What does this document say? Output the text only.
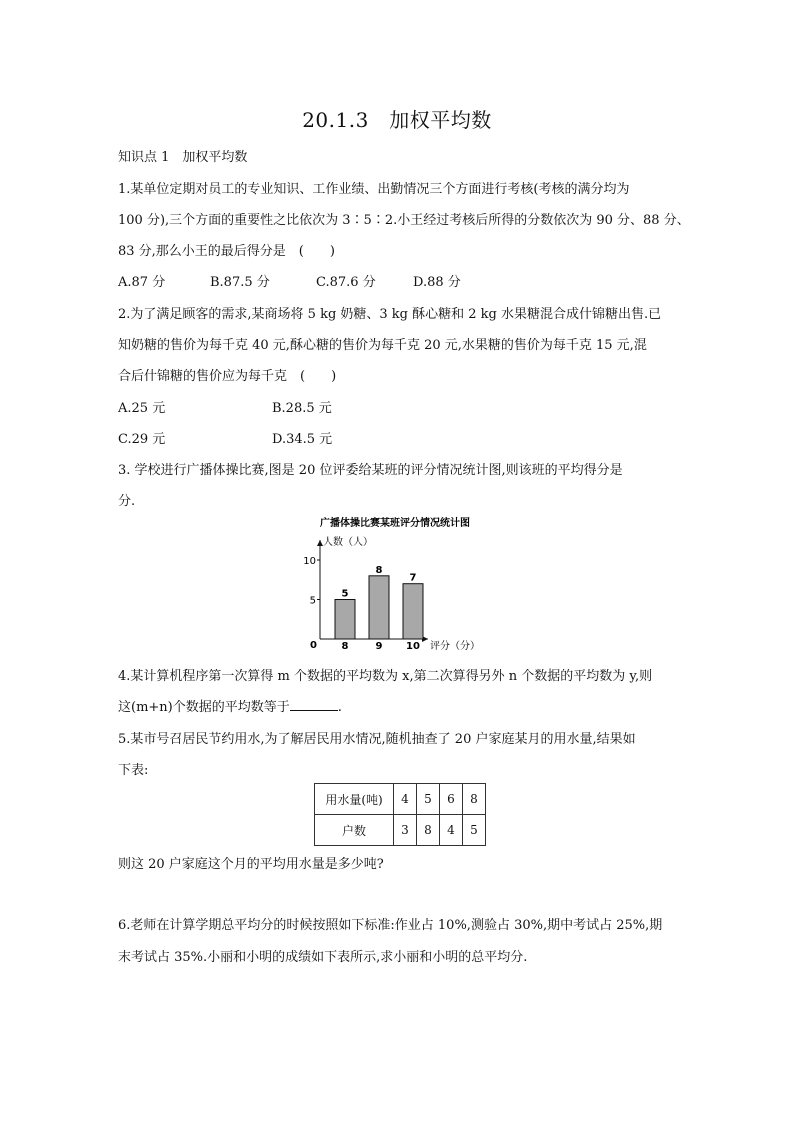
20.1.3　加权平均数
知识点 1　加权平均数
1.某单位定期对员工的专业知识、工作业绩、出勤情况三个方面进行考核(考核的满分均为
100 分),三个方面的重要性之比依次为 3∶5∶2.小王经过考核后所得的分数依次为 90 分、88 分、
83 分,那么小王的最后得分是　(　　)
A.87 分	B.87.5 分	C.87.6 分	D.88 分
2.为了满足顾客的需求,某商场将 5 kg 奶糖、3 kg 酥心糖和 2 kg 水果糖混合成什锦糖出售.已
知奶糖的售价为每千克 40 元,酥心糖的售价为每千克 20 元,水果糖的售价为每千克 15 元,混
合后什锦糖的售价应为每千克　(　　)
A.25 元	B.28.5 元
C.29 元	D.34.5 元
3. 学校进行广播体操比赛,图是 20 位评委给某班的评分情况统计图,则该班的平均得分是
分.
广播体操比赛某班评分情况统计图
人数（人）
评分（分）
0
5
10
5
8
8
9
7
10
4.某计算机程序第一次算得 m 个数据的平均数为 x,第二次算得另外 n 个数据的平均数为 y,则
这(m+n)个数据的平均数等于	.
5.某市号召居民节约用水,为了解居民用水情况,随机抽查了 20 户家庭某月的用水量,结果如
下表:
用水量(吨)	4	5	6	8
户数	3	8	4	5
则这 20 户家庭这个月的平均用水量是多少吨?
6.老师在计算学期总平均分的时候按照如下标准:作业占 10%,测验占 30%,期中考试占 25%,期
末考试占 35%.小丽和小明的成绩如下表所示,求小丽和小明的总平均分.
